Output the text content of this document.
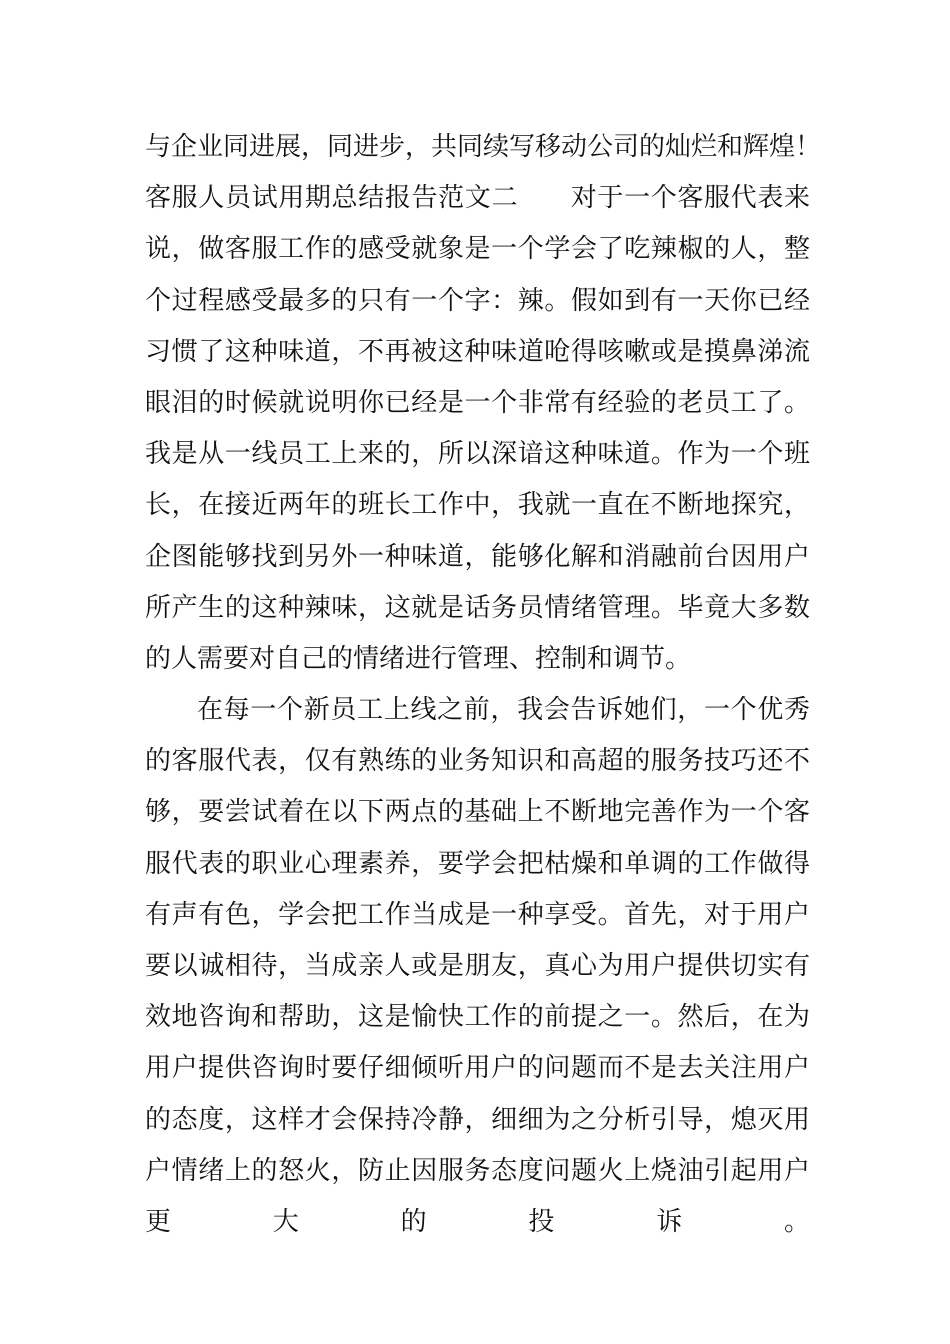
与企业同进展，同进步，共同续写移动公司的灿烂和辉煌！
客服人员试用期总结报告范文二 对于一个客服代表来
说，做客服工作的感受就象是一个学会了吃辣椒的人，整
个过程感受最多的只有一个字：辣。假如到有一天你已经
习惯了这种味道，不再被这种味道呛得咳嗽或是摸鼻涕流
眼泪的时候就说明你已经是一个非常有经验的老员工了。
我是从一线员工上来的，所以深谙这种味道。作为一个班
长，在接近两年的班长工作中，我就一直在不断地探究，
企图能够找到另外一种味道，能够化解和消融前台因用户
所产生的这种辣味，这就是话务员情绪管理。毕竟大多数
的人需要对自己的情绪进行管理、控制和调节。
在每一个新员工上线之前，我会告诉她们，一个优秀
的客服代表，仅有熟练的业务知识和高超的服务技巧还不
够，要尝试着在以下两点的基础上不断地完善作为一个客
服代表的职业心理素养，要学会把枯燥和单调的工作做得
有声有色，学会把工作当成是一种享受。首先，对于用户
要以诚相待，当成亲人或是朋友，真心为用户提供切实有
效地咨询和帮助，这是愉快工作的前提之一。然后，在为
用户提供咨询时要仔细倾听用户的问题而不是去关注用户
的态度，这样才会保持冷静，细细为之分析引导，熄灭用
户情绪上的怒火，防止因服务态度问题火上烧油引起用户
更大的投诉。
